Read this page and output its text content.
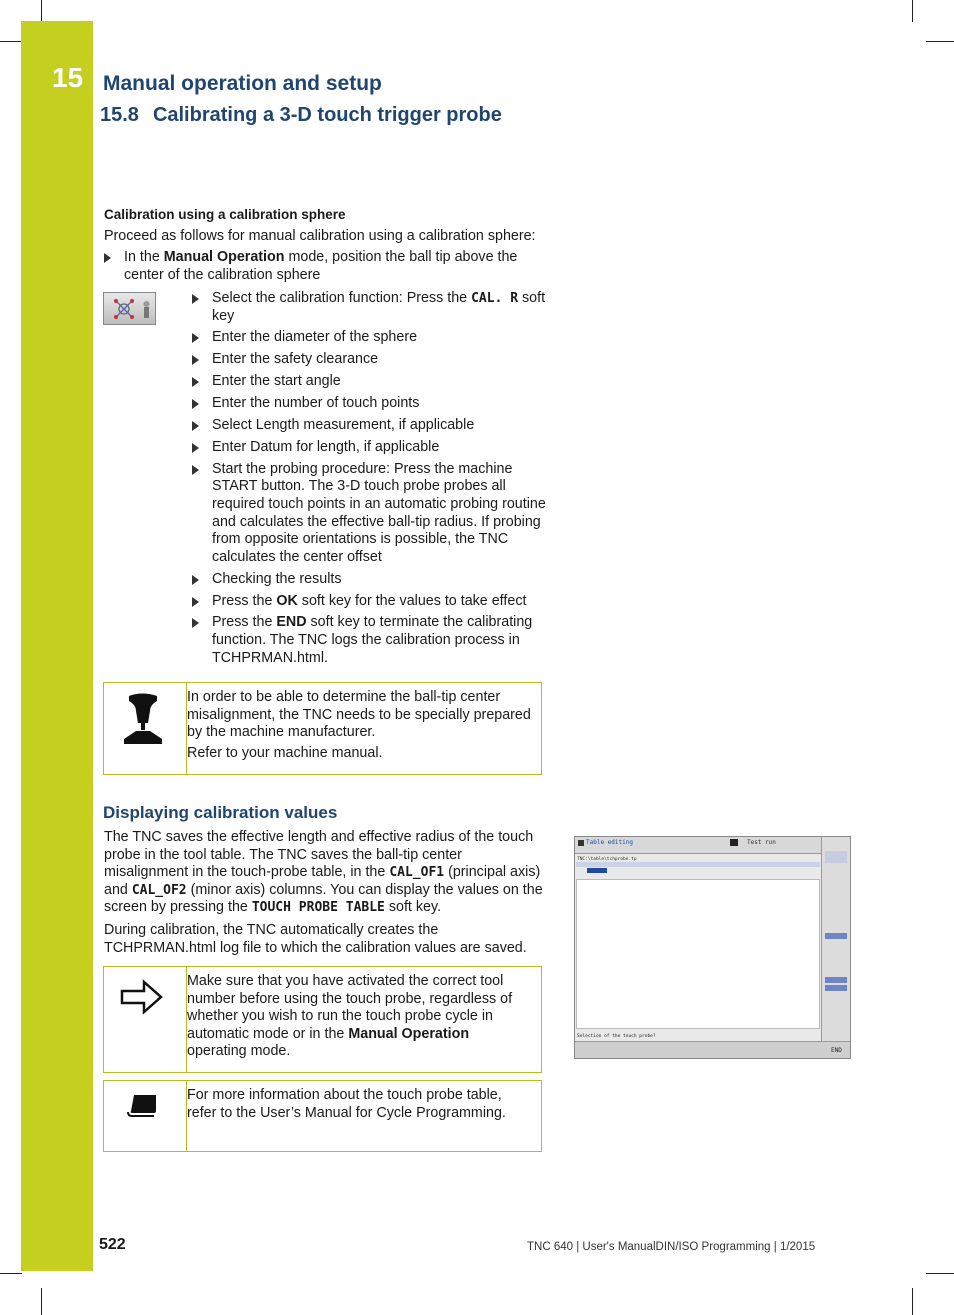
15 Manual operation and setup
15.8 Calibrating a 3-D touch trigger probe
Calibration using a calibration sphere
Proceed as follows for manual calibration using a calibration sphere:
In the Manual Operation mode, position the ball tip above the center of the calibration sphere
Select the calibration function: Press the CAL. R soft key
Enter the diameter of the sphere
Enter the safety clearance
Enter the start angle
Enter the number of touch points
Select Length measurement, if applicable
Enter Datum for length, if applicable
Start the probing procedure: Press the machine START button. The 3-D touch probe probes all required touch points in an automatic probing routine and calculates the effective ball-tip radius. If probing from opposite orientations is possible, the TNC calculates the center offset
Checking the results
Press the OK soft key for the values to take effect
Press the END soft key to terminate the calibrating function. The TNC logs the calibration process in TCHPRMAN.html.
In order to be able to determine the ball-tip center misalignment, the TNC needs to be specially prepared by the machine manufacturer.
Refer to your machine manual.
Displaying calibration values
The TNC saves the effective length and effective radius of the touch probe in the tool table. The TNC saves the ball-tip center misalignment in the touch-probe table, in the CAL_OF1 (principal axis) and CAL_OF2 (minor axis) columns. You can display the values on the screen by pressing the TOUCH PROBE TABLE soft key.
During calibration, the TNC automatically creates the TCHPRMAN.html log file to which the calibration values are saved.
Make sure that you have activated the correct tool number before using the touch probe, regardless of whether you wish to run the touch probe cycle in automatic mode or in the Manual Operation operating mode.
For more information about the touch probe table, refer to the User’s Manual for Cycle Programming.
Table editing	Test run
TNC:\table\tchprobe.tp
Selection of the touch probe?
END
522	TNC 640 | User's ManualDIN/ISO Programming | 1/2015
